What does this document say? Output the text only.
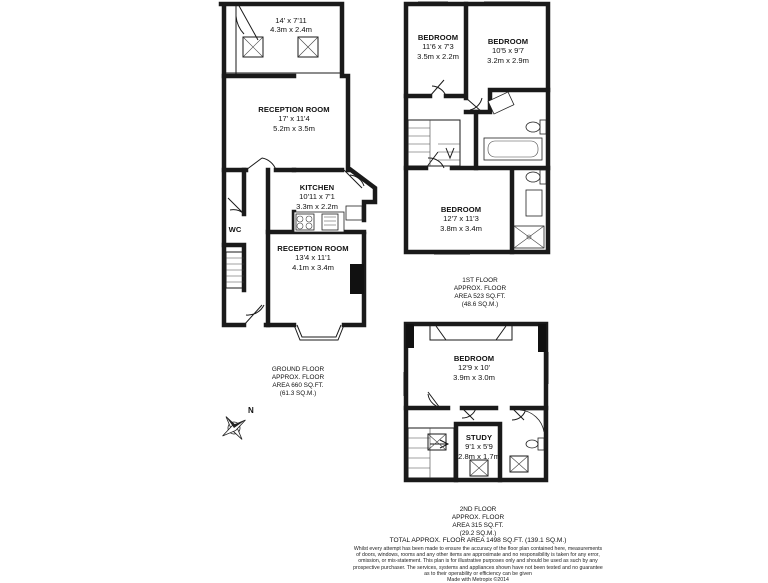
14' x 7'11
4.3m x 2.4m
RECEPTION ROOM
17' x 11'4
5.2m x 3.5m
KITCHEN
10'11 x 7'1
3.3m x 2.2m
WC
RECEPTION ROOM
13'4 x 11'1
4.1m x 3.4m
BEDROOM
11'6 x 7'3
3.5m x 2.2m
BEDROOM
10'5 x 9'7
3.2m x 2.9m
BEDROOM
12'7 x 11'3
3.8m x 3.4m
BEDROOM
12'9 x 10'
3.9m x 3.0m
STUDY
9'1 x 5'9
2.8m x 1.7m
GROUND FLOOR
APPROX. FLOOR
AREA 660 SQ.FT.
(61.3 SQ.M.)
1ST FLOOR
APPROX. FLOOR
AREA 523 SQ.FT.
(48.6 SQ.M.)
2ND FLOOR
APPROX. FLOOR
AREA 315 SQ.FT.
(29.2 SQ.M.)
TOTAL APPROX. FLOOR AREA 1498 SQ.FT. (139.1 SQ.M.)
Whilst every attempt has been made to ensure the accuracy of the floor plan contained here, measurements
of doors, windows, rooms and any other items are approximate and no responsibility is taken for any error,
omission, or mis-statement. This plan is for illustrative purposes only and should be used as such by any
prospective purchaser. The services, systems and appliances shown have not been tested and no guarantee
as to their operability or efficiency can be given
Made with Metropix ©2014
N
